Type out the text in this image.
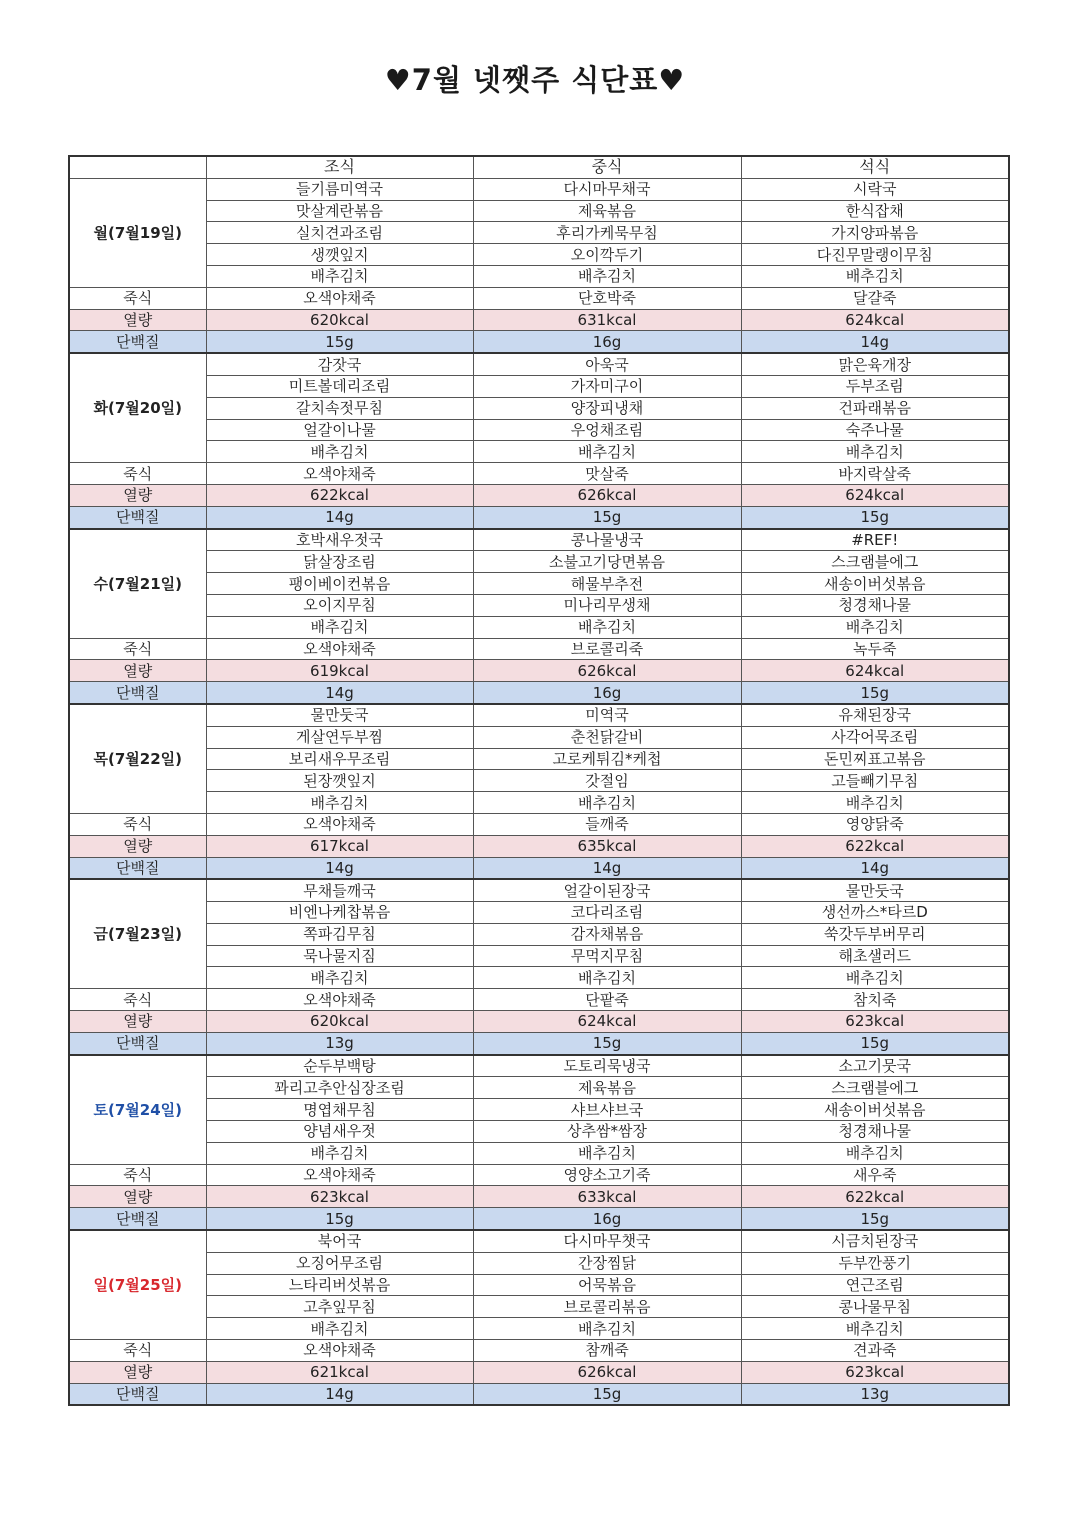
♥7월 넷쨋주 식단표♥
	조식	중식	석식
월(7월19일)	들기름미역국	다시마무채국	시락국
	맛살계란볶음	제육볶음	한식잡채
	실치견과조림	후리가케묵무침	가지양파볶음
	생깻잎지	오이깍두기	다진무말랭이무침
	배추김치	배추김치	배추김치
죽식	오색야채죽	단호박죽	달걀죽
열량	620kcal	631kcal	624kcal
단백질	15g	16g	14g
화(7월20일)	감잣국	아욱국	맑은육개장
	미트볼데리조림	가자미구이	두부조림
	갈치속젓무침	양장피냉채	건파래볶음
	얼갈이나물	우엉채조림	숙주나물
	배추김치	배추김치	배추김치
죽식	오색야채죽	맛살죽	바지락살죽
열량	622kcal	626kcal	624kcal
단백질	14g	15g	15g
수(7월21일)	호박새우젓국	콩나물냉국	#REF!
	닭살장조림	소불고기당면볶음	스크램블에그
	팽이베이컨볶음	해물부추전	새송이버섯볶음
	오이지무침	미나리무생채	청경채나물
	배추김치	배추김치	배추김치
죽식	오색야채죽	브로콜리죽	녹두죽
열량	619kcal	626kcal	624kcal
단백질	14g	16g	15g
목(7월22일)	물만둣국	미역국	유채된장국
	게살연두부찜	춘천닭갈비	사각어묵조림
	보리새우무조림	고로케튀김*케첩	돈민찌표고볶음
	된장깻잎지	갓절임	고들빼기무침
	배추김치	배추김치	배추김치
죽식	오색야채죽	들깨죽	영양닭죽
열량	617kcal	635kcal	622kcal
단백질	14g	14g	14g
금(7월23일)	무채들깨국	얼갈이된장국	물만둣국
	비엔나케찹볶음	코다리조림	생선까스*타르D
	쪽파김무침	감자채볶음	쑥갓두부버무리
	묵나물지짐	무먹지무침	해초샐러드
	배추김치	배추김치	배추김치
죽식	오색야채죽	단팥죽	참치죽
열량	620kcal	624kcal	623kcal
단백질	13g	15g	15g
토(7월24일)	순두부백탕	도토리묵냉국	소고기뭇국
	꽈리고추안심장조림	제육볶음	스크램블에그
	명엽채무침	샤브샤브국	새송이버섯볶음
	양념새우젓	상추쌈*쌈장	청경채나물
	배추김치	배추김치	배추김치
죽식	오색야채죽	영양소고기죽	새우죽
열량	623kcal	633kcal	622kcal
단백질	15g	16g	15g
일(7월25일)	북어국	다시마무챗국	시금치된장국
	오징어무조림	간장찜닭	두부깐풍기
	느타리버섯볶음	어묵볶음	연근조림
	고추잎무침	브로콜리볶음	콩나물무침
	배추김치	배추김치	배추김치
죽식	오색야채죽	참깨죽	견과죽
열량	621kcal	626kcal	623kcal
단백질	14g	15g	13g
